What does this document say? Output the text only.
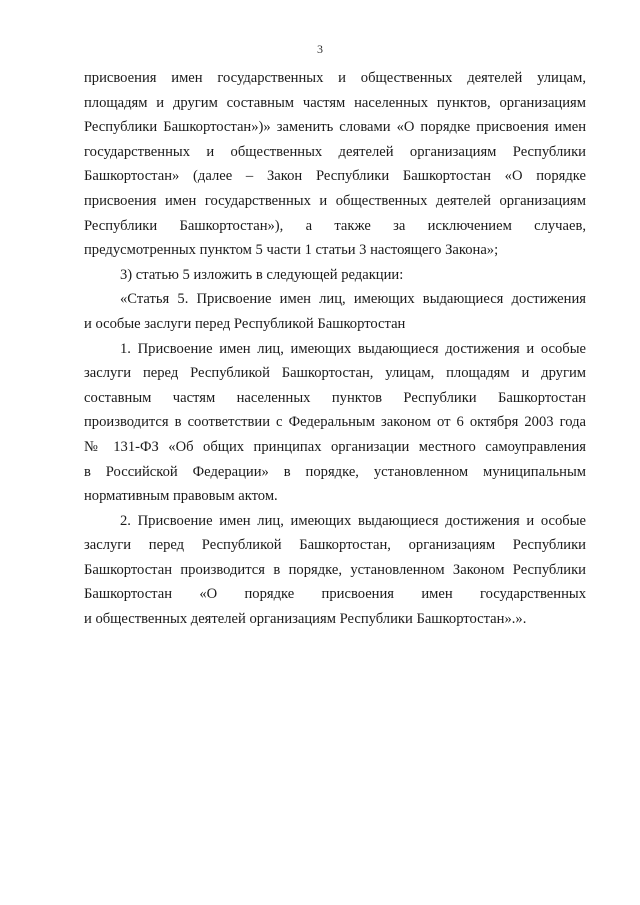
3
присвоения имен государственных и общественных деятелей улицам,
площадям и другим составным частям населенных пунктов, организациям
Республики Башкортостан»)» заменить словами «О порядке присвоения имен
государственных и общественных деятелей организациям Республики
Башкортостан» (далее – Закон Республики Башкортостан «О порядке
присвоения имен государственных и общественных деятелей организациям
Республики Башкортостан»), а также за исключением случаев,
предусмотренных пунктом 5 части 1 статьи 3 настоящего Закона»;
3) статью 5 изложить в следующей редакции:
«Статья 5. Присвоение имен лиц, имеющих выдающиеся достижения
и особые заслуги перед Республикой Башкортостан
1. Присвоение имен лиц, имеющих выдающиеся достижения и особые
заслуги перед Республикой Башкортостан, улицам, площадям и другим
составным частям населенных пунктов Республики Башкортостан
производится в соответствии с Федеральным законом от 6 октября 2003 года
№ 131-ФЗ «Об общих принципах организации местного самоуправления
в Российской Федерации» в порядке, установленном муниципальным
нормативным правовым актом.
2. Присвоение имен лиц, имеющих выдающиеся достижения и особые
заслуги перед Республикой Башкортостан, организациям Республики
Башкортостан производится в порядке, установленном Законом Республики
Башкортостан «О порядке присвоения имен государственных
и общественных деятелей организациям Республики Башкортостан».».
